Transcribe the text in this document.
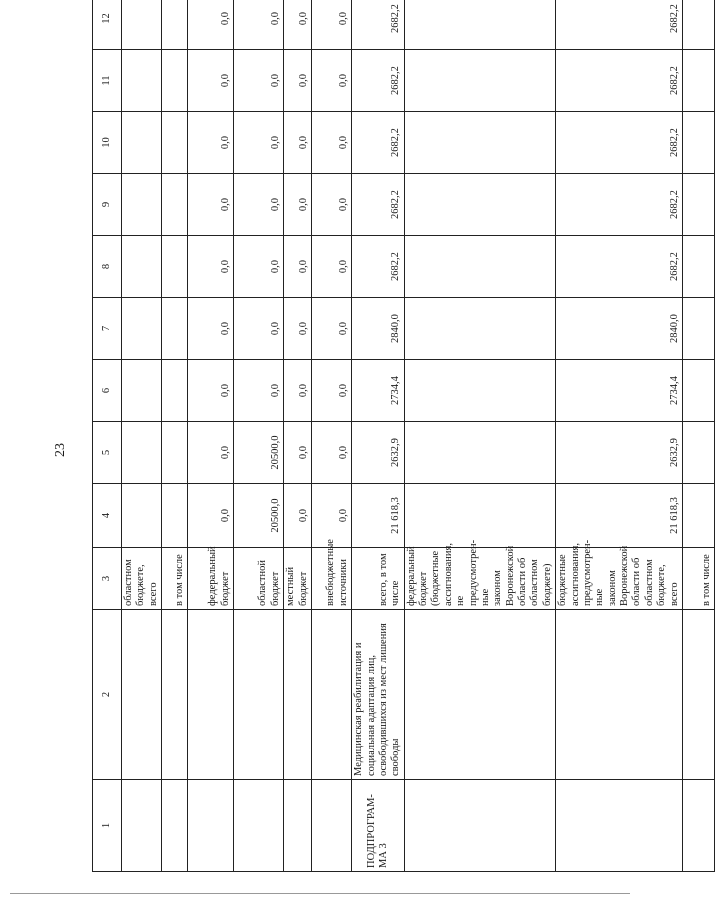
23
1	2	3	4	5	6	7	8	9	10	11	12
		областном бюджете, всего									
		в том числе									
		федеральный бюджет	0,0	0,0	0,0	0,0	0,0	0,0	0,0	0,0	0,0
		областной бюджет	20500,0	20500,0	0,0	0,0	0,0	0,0	0,0	0,0	0,0
		местный бюджет	0,0	0,0	0,0	0,0	0,0	0,0	0,0	0,0	0,0
		внебюджетные источники	0,0	0,0	0,0	0,0	0,0	0,0	0,0	0,0	0,0
ПОДПРОГРАМ-МА 3	Медицинская реабилитация и социальная адаптация лиц, освободившихся из мест лишения свободы	всего, в том числе	21 618,3	2632,9	2734,4	2840,0	2682,2	2682,2	2682,2	2682,2	2682,2
		федеральный бюджет (бюджетные ассигнования, не предусмотрен-ные законом Воронежской области об областном бюджете)									
		бюджетные ассигнования, предусмотрен-ные законом Воронежской области об областном бюджете, всего	21 618,3	2632,9	2734,4	2840,0	2682,2	2682,2	2682,2	2682,2	2682,2
		в том числе									
